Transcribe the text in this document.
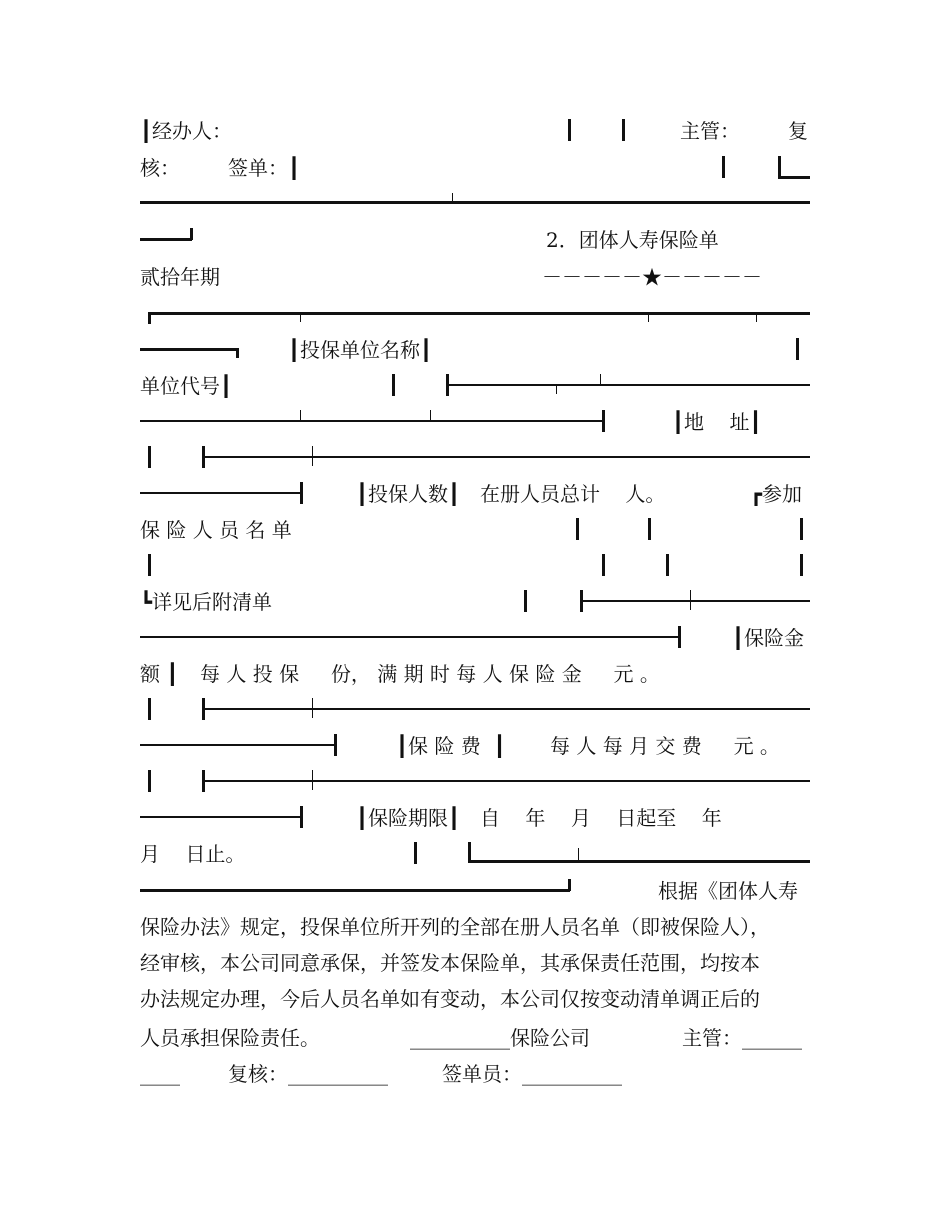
┃经办人：	主管： 复
核： 签单：┃
2．团体人寿保险单
贰拾年期	－－－－－★－－－－－
┃投保单位名称┃
单位代号┃
┃地    址┃
┃投保人数┃ 在册人员总计    人。	┏参加
保 险 人 员 名 单
┗详见后附清单
┃保险金
额 ┃ 每 人 投 保     份， 满 期 时 每 人 保 险 金     元 。
┃保 险 费  ┃ 每 人 每 月 交 费     元 。
┃保险期限┃ 自    年    月    日起至    年
月    日止。
根据《团体人寿
保险办法》规定，投保单位所开列的全部在册人员名单（即被保险人），
经审核，本公司同意承保，并签发本保险单，其承保责任范围，均按本
办法规定办理，今后人员名单如有变动，本公司仅按变动清单调正后的
人员承担保险责任。	__________保险公司	主管：______
____ 复核：__________	签单员：__________
